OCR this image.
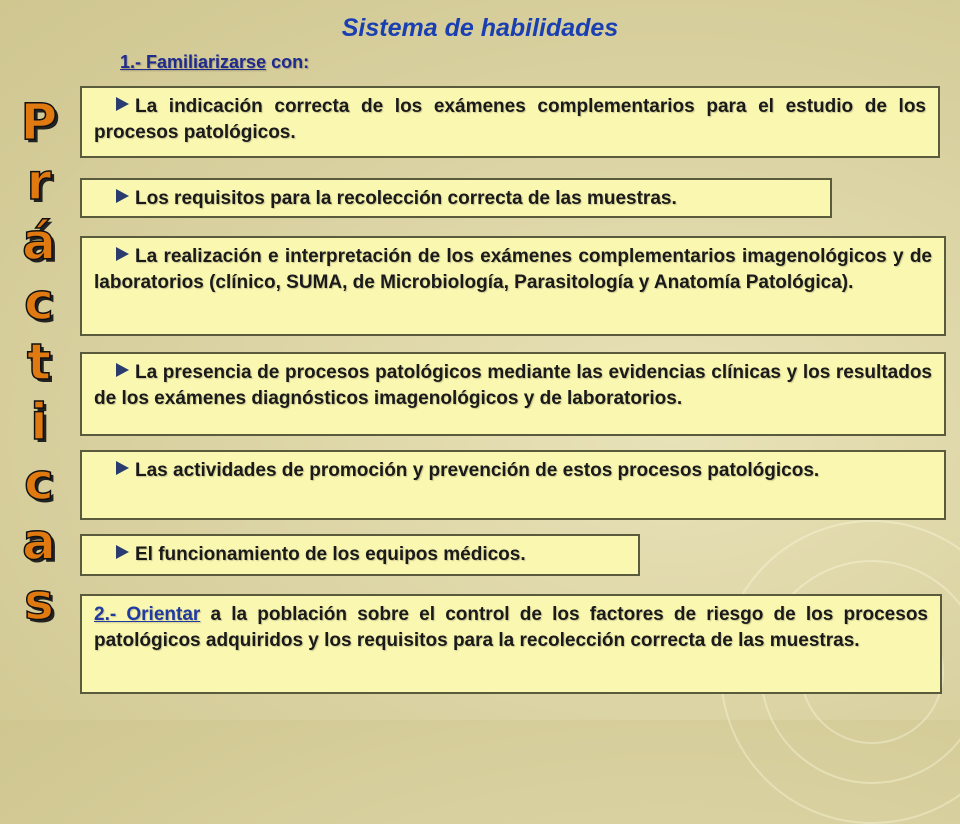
Sistema de habilidades
1.- Familiarizarse con:
P
r
á
c
t
i
c
a
s
La indicación correcta de los exámenes complementarios para el estudio de los procesos patológicos.
Los requisitos para la recolección correcta de las muestras.
La realización e interpretación de los exámenes complementarios imagenológicos y de laboratorios (clínico, SUMA, de Microbiología, Parasitología y Anatomía Patológica).
La presencia de procesos patológicos mediante las evidencias clínicas y los resultados de los exámenes diagnósticos imagenológicos y de laboratorios.
Las actividades de promoción y prevención de estos procesos patológicos.
El funcionamiento de los equipos médicos.
2.- Orientar a la población sobre el control de los factores de riesgo de los procesos patológicos adquiridos y los requisitos para la recolección correcta de las muestras.
